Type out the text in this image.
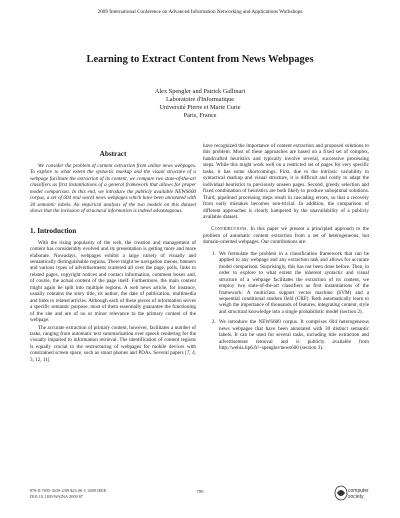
2009 International Conference on Advanced Information Networking and Applications Workshops
Learning to Extract Content from News Webpages
Alex Spengler and Patrick Gallinari
Laboratoire d'Informatique
Université Pierre et Marie Curie
Paris, France
Abstract

We consider the problem of content extraction from online news webpages. To explore to what extent the syntactic markup and the visual structure of a webpage facilitate the extraction of its content, we compare two state-of-the-art classifiers as first instantiations of a general framework that allows for proper model comparison. In this end, we introduce the publicly available NEWS600 corpus, a set of 604 real world news webpages which have been annotated with 30 semantic labels. An empirical analysis of the two models on this dataset shows that the inclusion of structural information is indeed advantageous.

1. Introduction

With the rising popularity of the web, the creation and management of content has considerably evolved and its presentation is getting more and more elaborate. Nowadays, webpages exhibit a large variety of visually and semantically distinguishable regions. There might be navigation menus, banners and various types of advertisements scattered all over the page, polls, links to related pages, copyright notices and contact information, comment boxes and, of course, the actual content of the page itself. Furthermore, the main content might again be split into multiple regions. A web news article, for instance, usually contains the story title, its author, the date of publication, multimedia and links to related articles. Although each of these pieces of information serves a specific semantic purpose, most of them essentially guarantee the functioning of the site and are of no or minor relevance to the primary content of the webpage.

The accurate extraction of primary content, however, facilitates a number of tasks, ranging from automatic text summarization over speech rendering for the visually impaired to information retrieval. The identification of content regions is equally crucial to the restructuring of webpages for mobile devices with constrained screen space, such as smart phones and PDAs. Several papers [7, 4, 3, 12, 11]

have recognized the importance of content extraction and proposed solutions to this problem. Most of these approaches are based on a fixed set of complex, handcrafted heuristics and typically involve several, successive processing steps. While this might work well on a restricted set of pages for very specific tasks, it has some shortcomings. First, due to the intrinsic variability in syntactical markup and visual structure, it is difficult and costly to adapt the individual heuristics to previously unseen pages. Second, greedy selection and fixed combination of heuristics are both likely to produce suboptimal solutions. Third, pipelined processing steps result in cascading errors, so that a recovery from early mistakes becomes non-trivial. In addition, the comparison of different approaches is clearly hampered by the unavailability of a publicly available dataset.

Contributions. In this paper we present a principled approach to the problem of automatic content extraction from a set of heterogeneous, but domain-oriented webpages. Our contributions are:

1. We formulate the problem in a classification framework that can be applied to any webpage and any extraction task and allows for accurate model comparison. Surprisingly, this has not been done before. Then, in order to explore to what extent the inherent syntactic and visual structure of a webpage facilitates the extraction of its content, we employ two state-of-the-art classifiers as first instantiations of the framework: A multiclass support vector machine (SVM) and a sequential conditional random field (CRF). Both automatically learn to weigh the importance of thousands of features, integrating content, style and structural knowledge into a single probabilistic model (section 2).
2. We introduce the NEWS600 corpus. It comprises 604 heterogeneous news webpages that have been annotated with 30 distinct semantic labels. It can be used for several tasks, including title extraction and advertisement removal and is publicly available from http://webia.lip6.fr/~spengler/news600 (section 3).
978-0-7695-3639-2/09 $25.00 © 2009 IEEE
DOI 10.1109/WAINA.2009.87
789	computer
society
